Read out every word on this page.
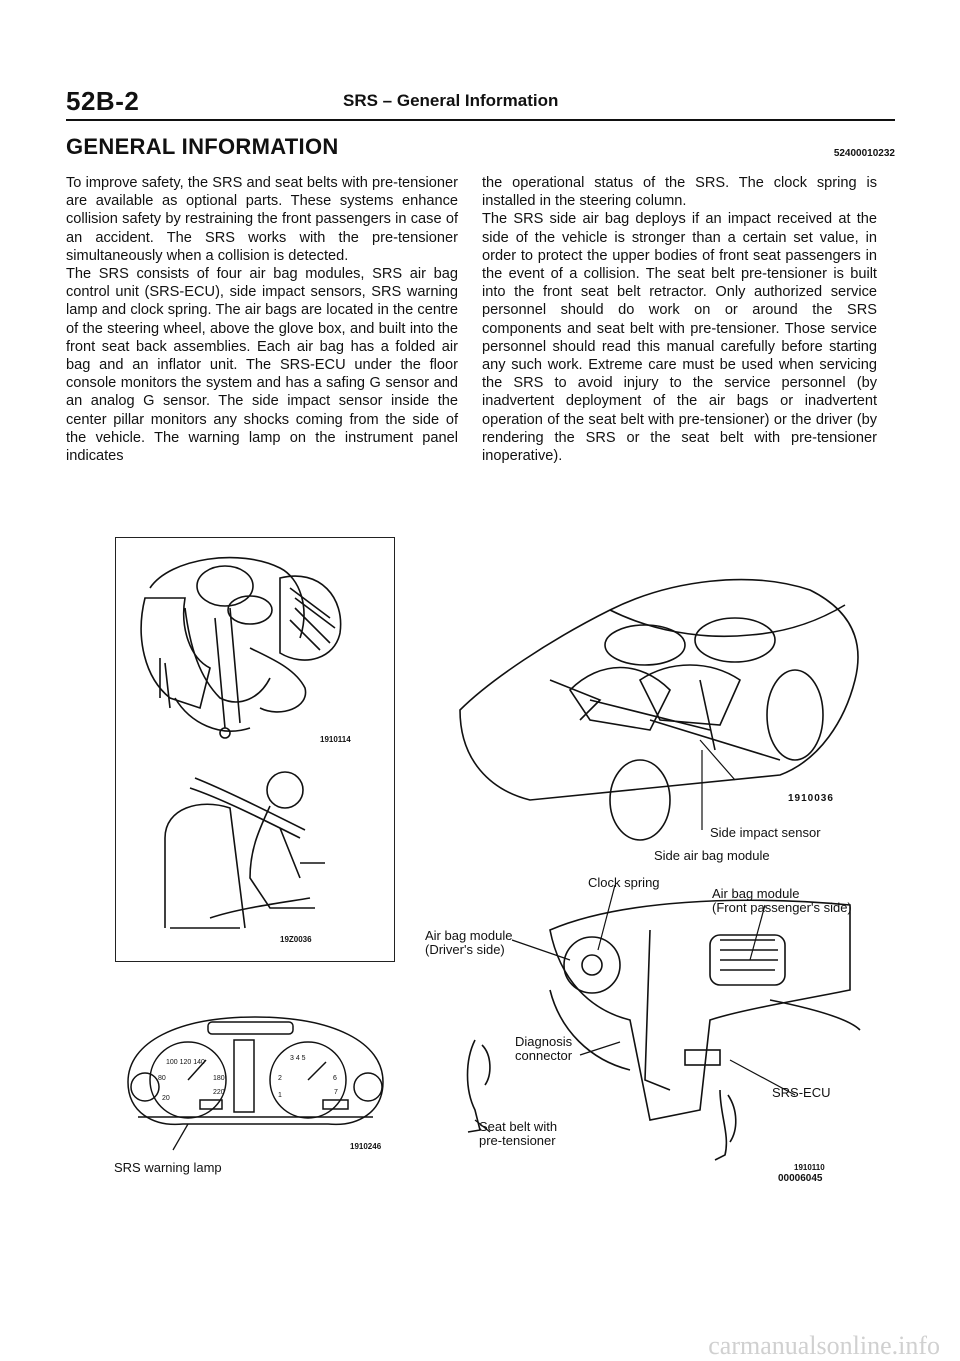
52B-2	SRS – General Information
GENERAL INFORMATION	52400010232

To improve safety, the SRS and seat belts with pre-tensioner are available as optional parts. These systems enhance collision safety by restraining the front passengers in case of an accident. The SRS works with the pre-tensioner simultaneously when a collision is detected.

The SRS consists of four air bag modules, SRS air bag control unit (SRS-ECU), side impact sensors, SRS warning lamp and clock spring. The air bags are located in the centre of the steering wheel, above the glove box, and built into the front seat back assemblies. Each air bag has a folded air bag and an inflator unit. The SRS-ECU under the floor console monitors the system and has a safing G sensor and an analog G sensor. The side impact sensor inside the center pillar monitors any shocks coming from the side of the vehicle. The warning lamp on the instrument panel indicates

the operational status of the SRS. The clock spring is installed in the steering column.

The SRS side air bag deploys if an impact received at the side of the vehicle is stronger than a certain set value, in order to protect the upper bodies of front seat passengers in the event of a collision. The seat belt pre-tensioner is built into the front seat belt retractor. Only authorized service personnel should do work on or around the SRS components and seat belt with pre-tensioner. Those service personnel should read this manual carefully before starting any such work. Extreme care must be used when servicing the SRS to avoid injury to the service personnel (by inadvertent deployment of the air bags or inadvertent operation of the seat belt with pre-tensioner) or the driver (by rendering the SRS or the seat belt with pre-tensioner inoperative).

1910114
19Z0036
1910036
Side impact sensor
Side air bag module
100 120 140
80	180
20
220
3 4 5
2	6
1	7
1910246
SRS warning lamp
Clock spring
Air bag module
(Front passenger's side)
Air bag module
(Driver's side)
Diagnosis
connector
SRS-ECU
Seat belt with
pre-tensioner
1910110
00006045
carmanualsonline.info
